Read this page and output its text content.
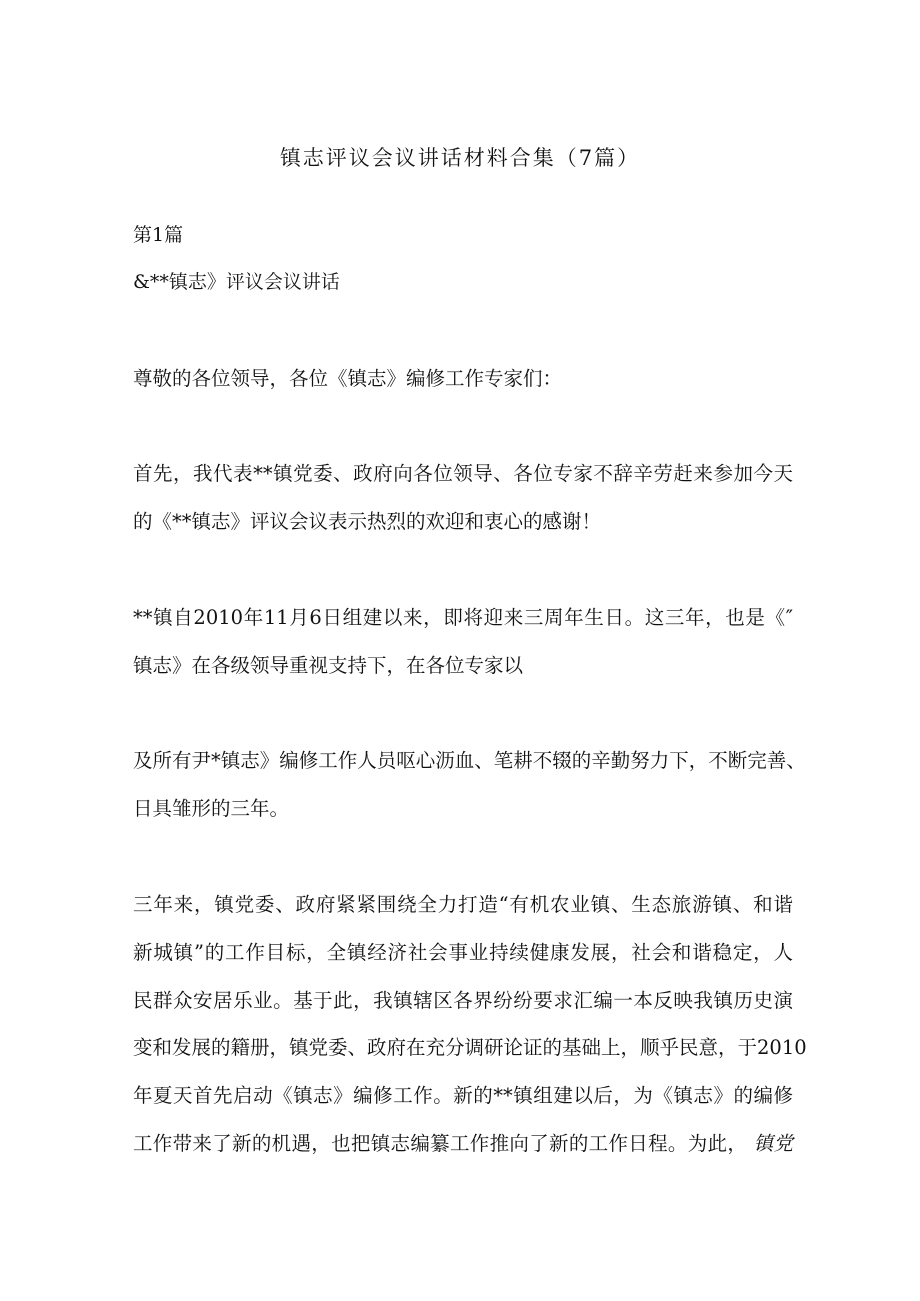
镇志评议会议讲话材料合集（7篇）
第1篇
&**镇志》评议会议讲话
尊敬的各位领导，各位《镇志》编修工作专家们：
首先，我代表**镇党委、政府向各位领导、各位专家不辞辛劳赶来参加今天
的《**镇志》评议会议表示热烈的欢迎和衷心的感谢！
**镇自2010年11月6日组建以来，即将迎来三周年生日。这三年，也是《″
镇志》在各级领导重视支持下，在各位专家以
及所有尹*镇志》编修工作人员呕心沥血、笔耕不辍的辛勤努力下，不断完善、
日具雏形的三年。
三年来，镇党委、政府紧紧围绕全力打造“有机农业镇、生态旅游镇、和谐
新城镇”的工作目标，全镇经济社会事业持续健康发展，社会和谐稳定，人
民群众安居乐业。基于此，我镇辖区各界纷纷要求汇编一本反映我镇历史演
变和发展的籍册，镇党委、政府在充分调研论证的基础上，顺乎民意，于2010
年夏天首先启动《镇志》编修工作。新的**镇组建以后，为《镇志》的编修
工作带来了新的机遇，也把镇志编纂工作推向了新的工作日程。为此， 镇党
